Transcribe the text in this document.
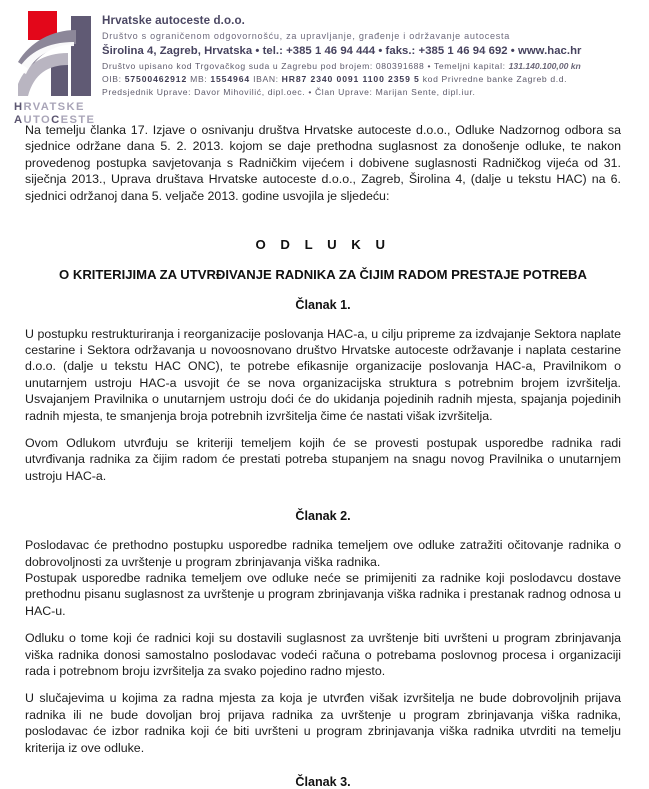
HRVATSKE
AUTOCESTE
Hrvatske autoceste d.o.o.
Društvo s ograničenom odgovornošću, za upravljanje, građenje i održavanje autocesta
Širolina 4, Zagreb, Hrvatska • tel.: +385 1 46 94 444 • faks.: +385 1 46 94 692 • www.hac.hr
Društvo upisano kod Trgovačkog suda u Zagrebu pod brojem: 080391688 • Temeljni kapital: 131.140.100,00 kn
OIB: 57500462912 MB: 1554964 IBAN: HR87 2340 0091 1100 2359 5 kod Privredne banke Zagreb d.d.
Predsjednik Uprave: Davor Mihovilić, dipl.oec. • Član Uprave: Marijan Sente, dipl.iur.

Na temelju članka 17. Izjave o osnivanju društva Hrvatske autoceste d.o.o., Odluke Nadzornog odbora sa sjednice održane dana 5. 2. 2013. kojom se daje prethodna suglasnost za donošenje odluke, te nakon provedenog postupka savjetovanja s Radničkim vijećem i dobivene suglasnosti Radničkog vijeća od 31. siječnja 2013., Uprava društava Hrvatske autoceste d.o.o., Zagreb, Širolina 4, (dalje u tekstu HAC) na 6. sjednici održanoj dana 5. veljače 2013. godine usvojila je sljedeću:

O D L U K U
O KRITERIJIMA ZA UTVRĐIVANJE RADNIKA ZA ČIJIM RADOM PRESTAJE POTREBA
Članak 1.

U postupku restrukturiranja i reorganizacije poslovanja HAC-a, u cilju pripreme za izdvajanje Sektora naplate cestarine i Sektora održavanja u novoosnovano društvo Hrvatske autoceste održavanje i naplata cestarine d.o.o. (dalje u tekstu HAC ONC), te potrebe efikasnije organizacije poslovanja HAC-a, Pravilnikom o unutarnjem ustroju HAC-a usvojit će se nova organizacijska struktura s potrebnim brojem izvršitelja. Usvajanjem Pravilnika o unutarnjem ustroju doći će do ukidanja pojedinih radnih mjesta, spajanja pojedinih radnih mjesta, te smanjenja broja potrebnih izvršitelja čime će nastati višak izvršitelja.

Ovom Odlukom utvrđuju se kriteriji temeljem kojih će se provesti postupak usporedbe radnika radi utvrđivanja radnika za čijim radom će prestati potreba stupanjem na snagu novog Pravilnika o unutarnjem ustroju HAC-a.

Članak 2.

Poslodavac će prethodno postupku usporedbe radnika temeljem ove odluke zatražiti očitovanje radnika o dobrovoljnosti za uvrštenje u program zbrinjavanja viška radnika.

Postupak usporedbe radnika temeljem ove odluke neće se primijeniti za radnike koji poslodavcu dostave prethodnu pisanu suglasnost za uvrštenje u program zbrinjavanja viška radnika i prestanak radnog odnosa u HAC-u.

Odluku o tome koji će radnici koji su dostavili suglasnost za uvrštenje biti uvršteni u program zbrinjavanja viška radnika donosi samostalno poslodavac vodeći računa o potrebama poslovnog procesa i organizaciji rada i potrebnom broju izvršitelja za svako pojedino radno mjesto.

U slučajevima u kojima za radna mjesta za koja je utvrđen višak izvršitelja ne bude dobrovoljnih prijava radnika ili ne bude dovoljan broj prijava radnika za uvrštenje u program zbrinjavanja viška radnika, poslodavac će izbor radnika koji će biti uvršteni u program zbrinjavanja viška radnika utvrditi na temelju kriterija iz ove odluke.

Članak 3.
